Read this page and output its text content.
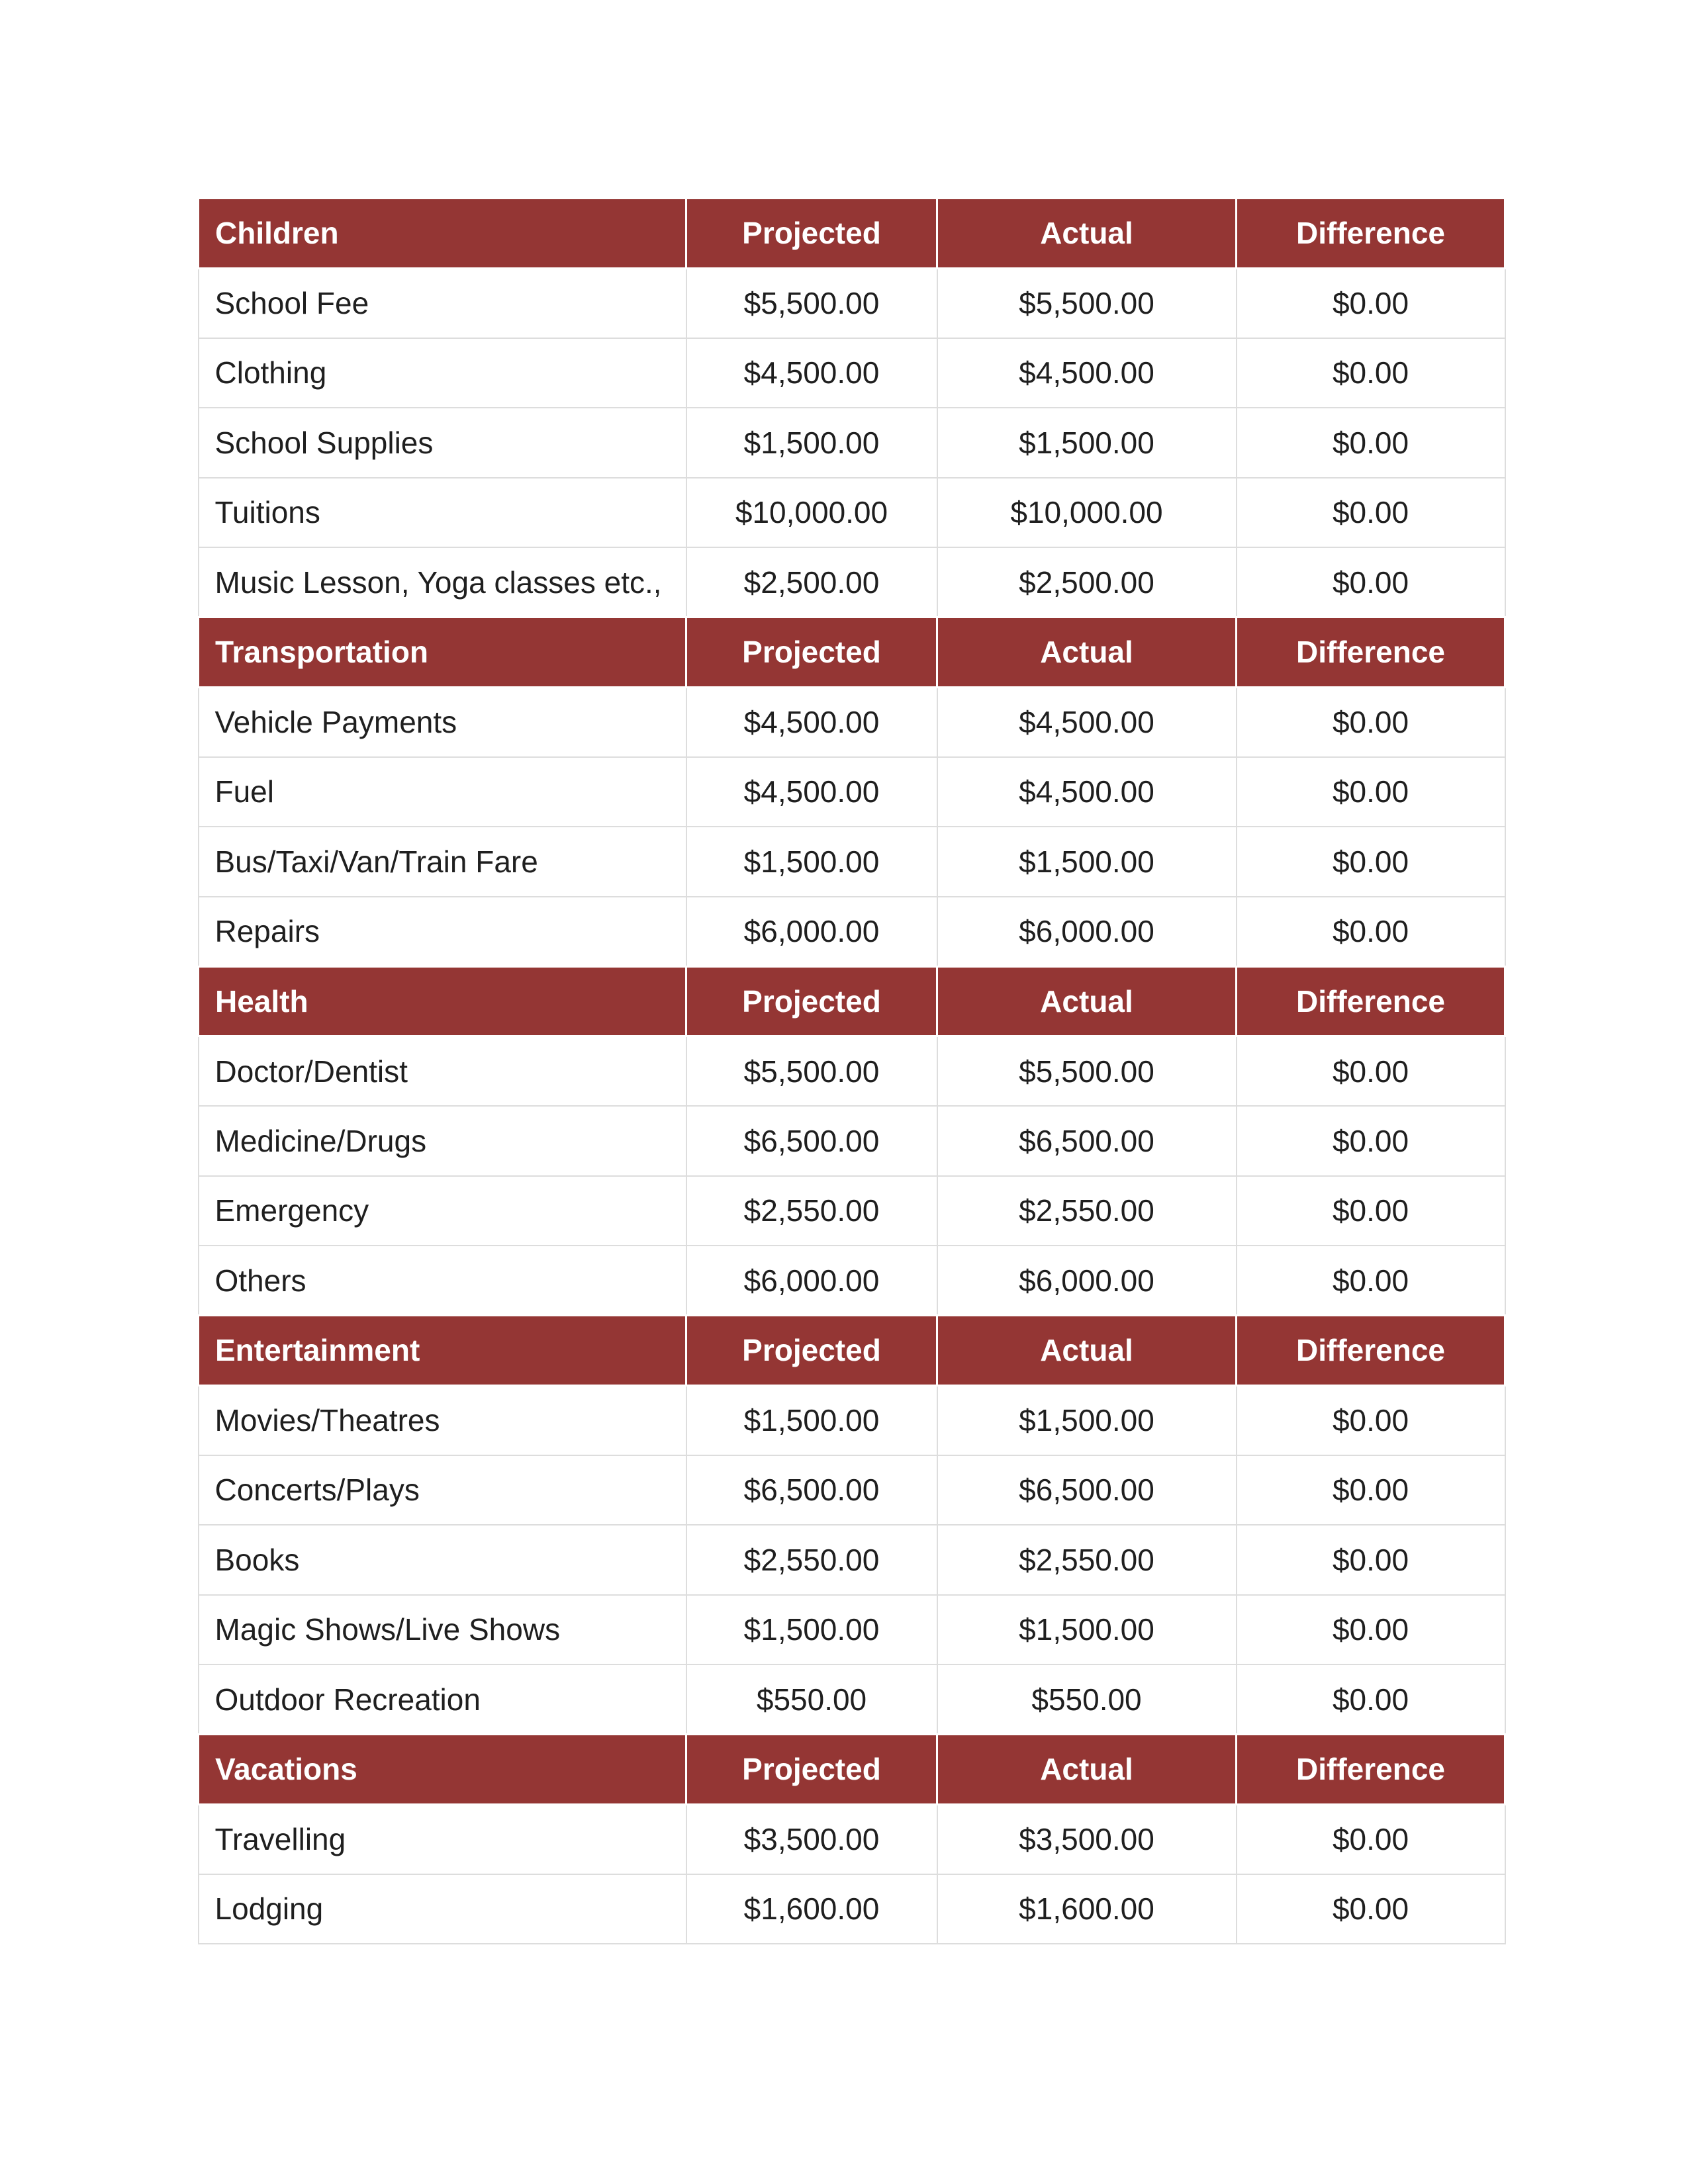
Children	Projected	Actual	Difference
School Fee	$5,500.00	$5,500.00	$0.00
Clothing	$4,500.00	$4,500.00	$0.00
School Supplies	$1,500.00	$1,500.00	$0.00
Tuitions	$10,000.00	$10,000.00	$0.00
Music Lesson, Yoga classes etc.,	$2,500.00	$2,500.00	$0.00
Transportation	Projected	Actual	Difference
Vehicle Payments	$4,500.00	$4,500.00	$0.00
Fuel	$4,500.00	$4,500.00	$0.00
Bus/Taxi/Van/Train Fare	$1,500.00	$1,500.00	$0.00
Repairs	$6,000.00	$6,000.00	$0.00
Health	Projected	Actual	Difference
Doctor/Dentist	$5,500.00	$5,500.00	$0.00
Medicine/Drugs	$6,500.00	$6,500.00	$0.00
Emergency	$2,550.00	$2,550.00	$0.00
Others	$6,000.00	$6,000.00	$0.00
Entertainment	Projected	Actual	Difference
Movies/Theatres	$1,500.00	$1,500.00	$0.00
Concerts/Plays	$6,500.00	$6,500.00	$0.00
Books	$2,550.00	$2,550.00	$0.00
Magic Shows/Live Shows	$1,500.00	$1,500.00	$0.00
Outdoor Recreation	$550.00	$550.00	$0.00
Vacations	Projected	Actual	Difference
Travelling	$3,500.00	$3,500.00	$0.00
Lodging	$1,600.00	$1,600.00	$0.00
